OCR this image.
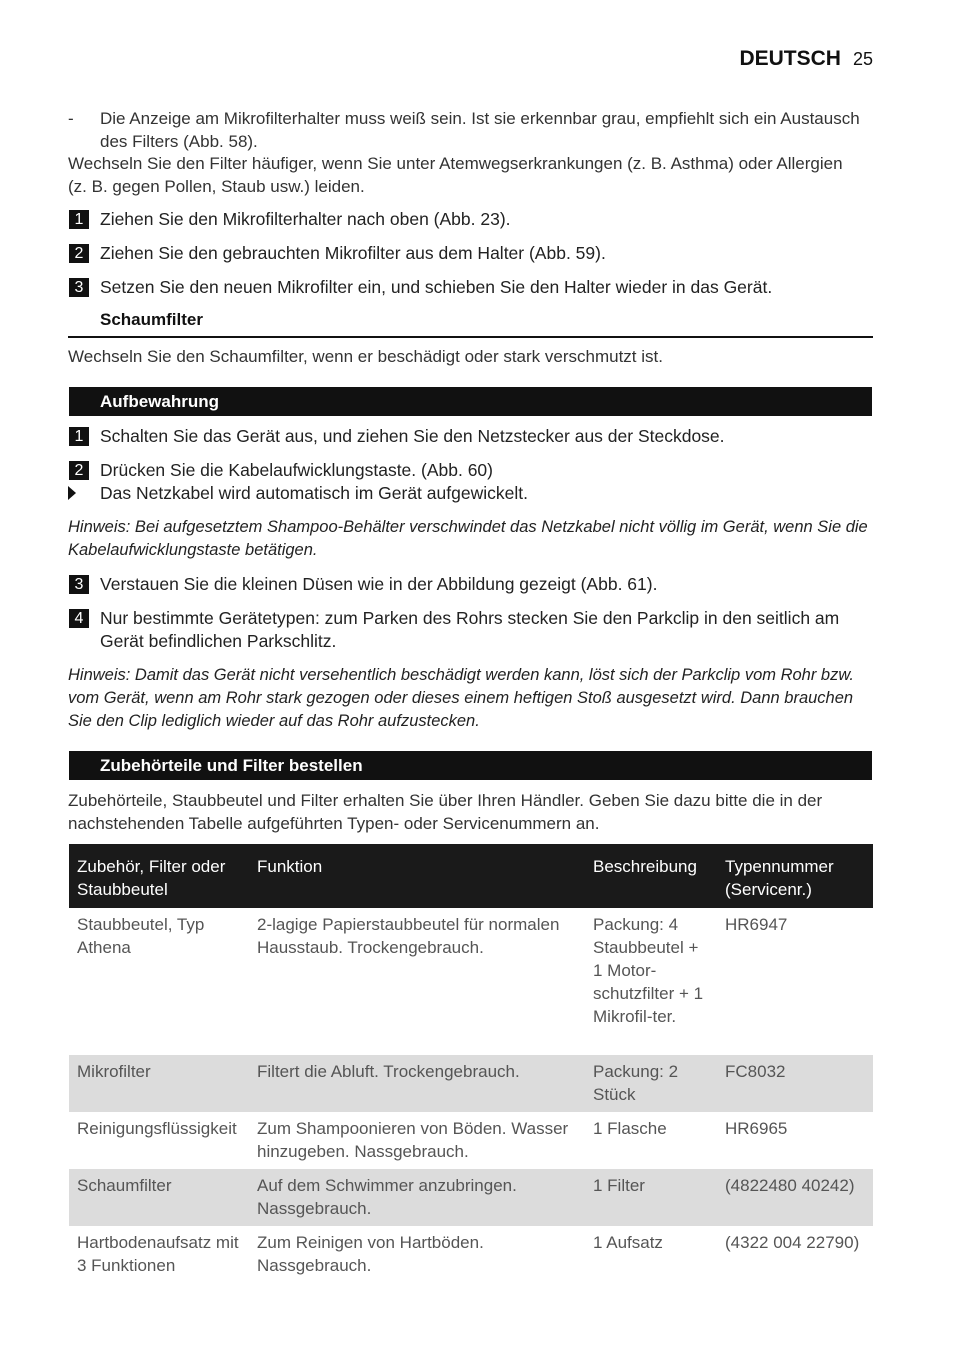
DEUTSCH 25
- Die Anzeige am Mikrofilterhalter muss weiß sein. Ist sie erkennbar grau, empfiehlt sich ein Austausch des Filters (Abb. 58).
Wechseln Sie den Filter häufiger, wenn Sie unter Atemwegserkrankungen (z. B. Asthma) oder Allergien (z. B. gegen Pollen, Staub usw.) leiden.
1 Ziehen Sie den Mikrofilterhalter nach oben (Abb. 23).
2 Ziehen Sie den gebrauchten Mikrofilter aus dem Halter (Abb. 59).
3 Setzen Sie den neuen Mikrofilter ein, und schieben Sie den Halter wieder in das Gerät.
Schaumfilter
Wechseln Sie den Schaumfilter, wenn er beschädigt oder stark verschmutzt ist.
Aufbewahrung
1 Schalten Sie das Gerät aus, und ziehen Sie den Netzstecker aus der Steckdose.
2 Drücken Sie die Kabelaufwicklungstaste. (Abb. 60)
Das Netzkabel wird automatisch im Gerät aufgewickelt.
Hinweis: Bei aufgesetztem Shampoo-Behälter verschwindet das Netzkabel nicht völlig im Gerät, wenn Sie die Kabelaufwicklungstaste betätigen.
3 Verstauen Sie die kleinen Düsen wie in der Abbildung gezeigt (Abb. 61).
4 Nur bestimmte Gerätetypen: zum Parken des Rohrs stecken Sie den Parkclip in den seitlich am Gerät befindlichen Parkschlitz.
Hinweis: Damit das Gerät nicht versehentlich beschädigt werden kann, löst sich der Parkclip vom Rohr bzw. vom Gerät, wenn am Rohr stark gezogen oder dieses einem heftigen Stoß ausgesetzt wird. Dann brauchen Sie den Clip lediglich wieder auf das Rohr aufzustecken.
Zubehörteile und Filter bestellen
Zubehörteile, Staubbeutel und Filter erhalten Sie über Ihren Händler. Geben Sie dazu bitte die in der nachstehenden Tabelle aufgeführten Typen- oder Servicenummern an.
Zubehör, Filter oder Staubbeutel	Funktion	Beschreibung	Typennummer (Servicenr.)
Staubbeutel, Typ Athena	2-lagige Papierstaubbeutel für normalen Hausstaub. Trockengebrauch.	Packung: 4 Staubbeutel + 1 Motor-schutzfilter + 1 Mikrofil-ter.	HR6947
Mikrofilter	Filtert die Abluft. Trockengebrauch.	Packung: 2 Stück	FC8032
Reinigungsflüssigkeit	Zum Shampoonieren von Böden. Wasser hinzugeben. Nassgebrauch.	1 Flasche	HR6965
Schaumfilter	Auf dem Schwimmer anzubringen. Nassgebrauch.	1 Filter	(4822480 40242)
Hartbodenaufsatz mit 3 Funktionen	Zum Reinigen von Hartböden. Nassgebrauch.	1 Aufsatz	(4322 004 22790)
